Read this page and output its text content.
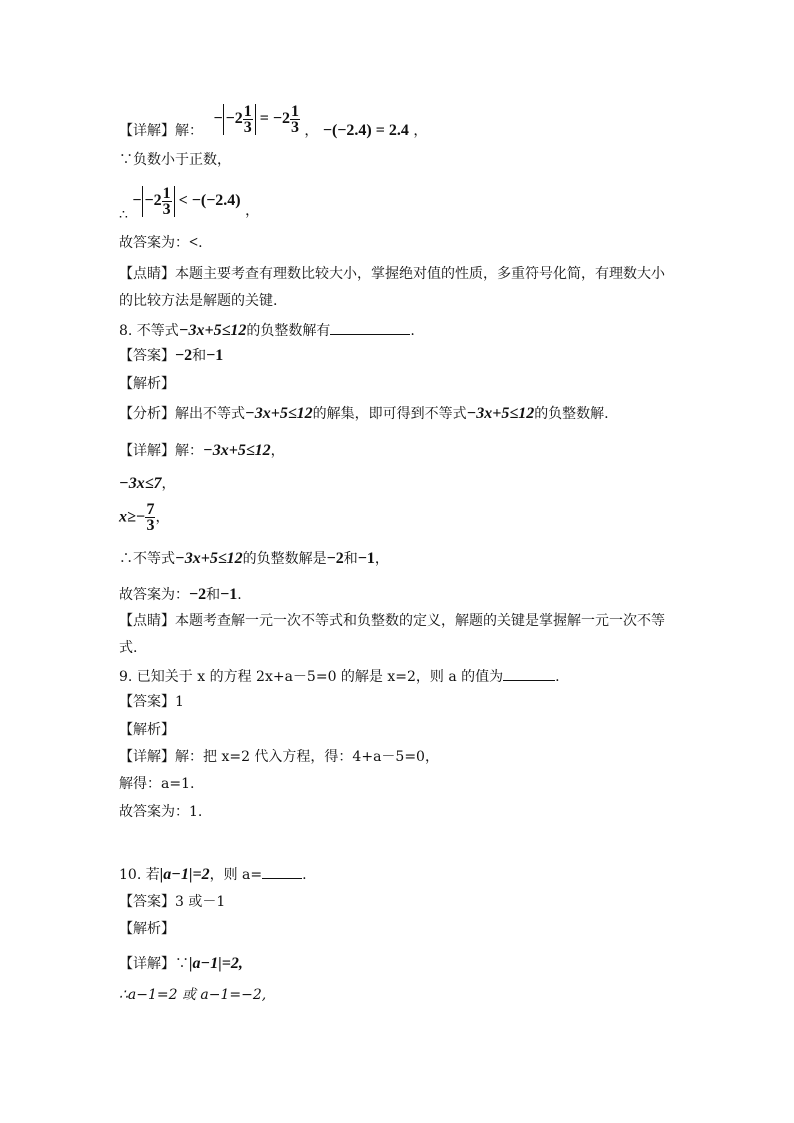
【详解】解： − $-2 \frac{1}{3} = -2 \frac{1}{3}$ ， −(−2.4) = 2.4 ，
∵负数小于正数，
∴ − $-2 \frac{1}{3} < -(-2.4)$ ，
故答案为：<.
【点睛】本题主要考查有理数比较大小，掌握绝对值的性质，多重符号化简，有理数大小
的比较方法是解题的关键.
8. 不等式−3x+5≤12的负整数解有	.
【答案】−2和−1
【解析】
【分析】解出不等式−3x+5≤12的解集，即可得到不等式−3x+5≤12的负整数解.
【详解】解：−3x+5≤12，
−3x≤7，
$x\ge- \frac{7}{3}$ ，
∴不等式−3x+5≤12的负整数解是−2和−1，
故答案为：−2和−1.
【点睛】本题考查解一元一次不等式和负整数的定义，解题的关键是掌握解一元一次不等
式.
9. 已知关于 x 的方程 2x+a－5=0 的解是 x=2，则 a 的值为	.
【答案】1
【解析】
【详解】解：把 x=2 代入方程，得：4+a－5=0，
解得：a=1.
故答案为：1.
10. 若|a−1|=2，则 a=	.
【答案】3 或－1
【解析】
【详解】∵|a−1|=2,
∴a−1=2 或 a−1=−2,
